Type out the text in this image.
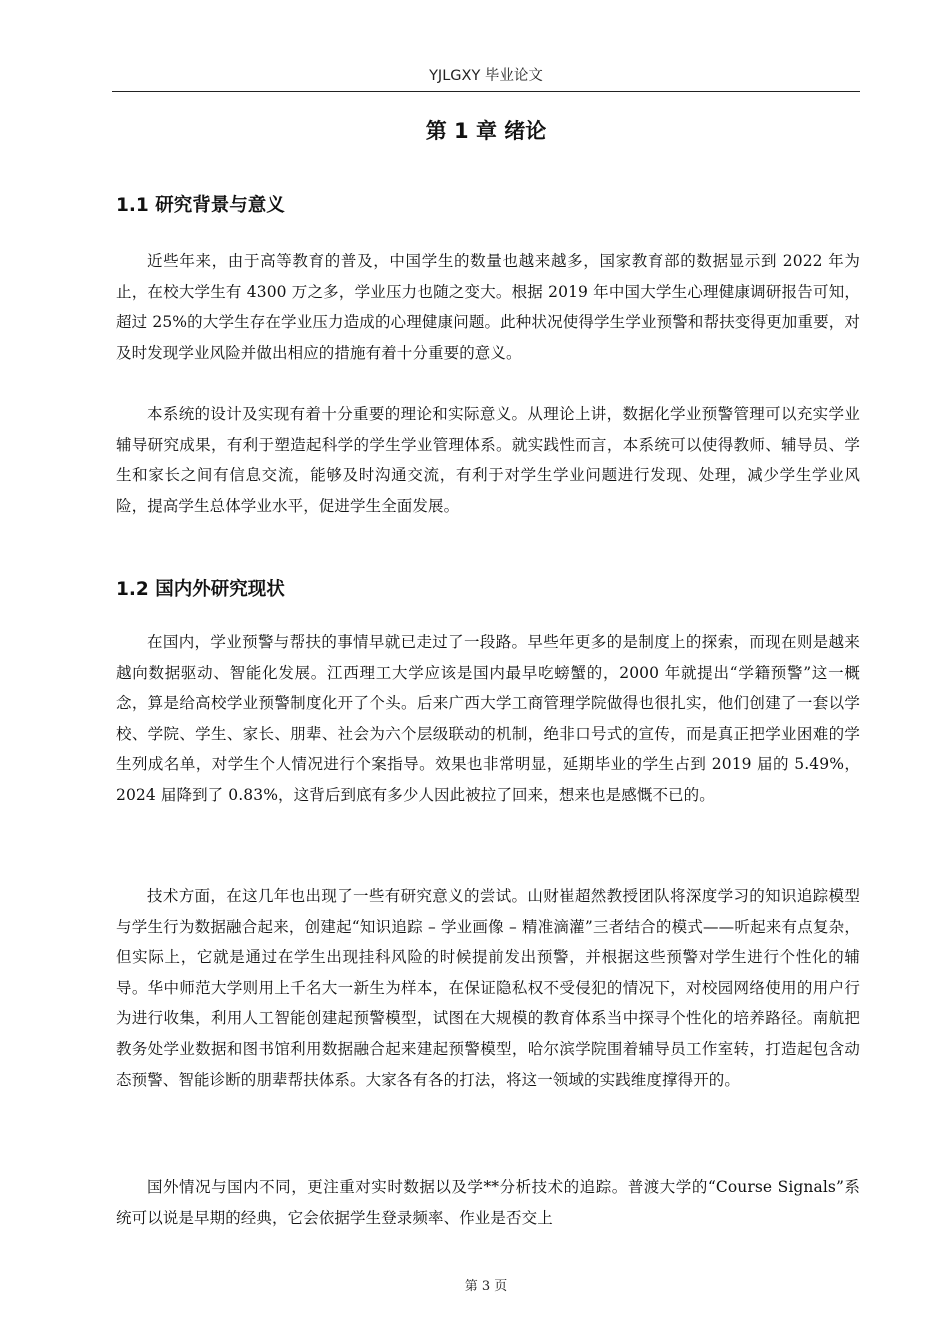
YJLGXY 毕业论文
第 1 章 绪论
1.1 研究背景与意义

近些年来，由于高等教育的普及，中国学生的数量也越来越多，国家教育部的数据显示到 2022 年为止，在校大学生有 4300 万之多，学业压力也随之变大。根据 2019 年中国大学生心理健康调研报告可知，超过 25%的大学生存在学业压力造成的心理健康问题。此种状况使得学生学业预警和帮扶变得更加重要，对及时发现学业风险并做出相应的措施有着十分重要的意义。

本系统的设计及实现有着十分重要的理论和实际意义。从理论上讲，数据化学业预警管理可以充实学业辅导研究成果，有利于塑造起科学的学生学业管理体系。就实践性而言，本系统可以使得教师、辅导员、学生和家长之间有信息交流，能够及时沟通交流，有利于对学生学业问题进行发现、处理，减少学生学业风险，提高学生总体学业水平，促进学生全面发展。

1.2 国内外研究现状

在国内，学业预警与帮扶的事情早就已走过了一段路。早些年更多的是制度上的探索，而现在则是越来越向数据驱动、智能化发展。江西理工大学应该是国内最早吃螃蟹的，2000 年就提出“学籍预警”这一概念，算是给高校学业预警制度化开了个头。后来广西大学工商管理学院做得也很扎实，他们创建了一套以学校、学院、学生、家长、朋辈、社会为六个层级联动的机制，绝非口号式的宣传，而是真正把学业困难的学生列成名单，对学生个人情况进行个案指导。效果也非常明显，延期毕业的学生占到 2019 届的 5.49%，2024 届降到了 0.83%，这背后到底有多少人因此被拉了回来，想来也是感慨不已的。

技术方面，在这几年也出现了一些有研究意义的尝试。山财崔超然教授团队将深度学习的知识追踪模型与学生行为数据融合起来，创建起“知识追踪 – 学业画像 – 精准滴灌”三者结合的模式——听起来有点复杂，但实际上，它就是通过在学生出现挂科风险的时候提前发出预警，并根据这些预警对学生进行个性化的辅导。华中师范大学则用上千名大一新生为样本，在保证隐私权不受侵犯的情况下，对校园网络使用的用户行为进行收集，利用人工智能创建起预警模型，试图在大规模的教育体系当中探寻个性化的培养路径。南航把教务处学业数据和图书馆利用数据融合起来建起预警模型，哈尔滨学院围着辅导员工作室转，打造起包含动态预警、智能诊断的朋辈帮扶体系。大家各有各的打法，将这一领域的实践维度撑得开的。

国外情况与国内不同，更注重对实时数据以及学**分析技术的追踪。普渡大学的“Course Signals”系统可以说是早期的经典，它会依据学生登录频率、作业是否交上

第 3 页
